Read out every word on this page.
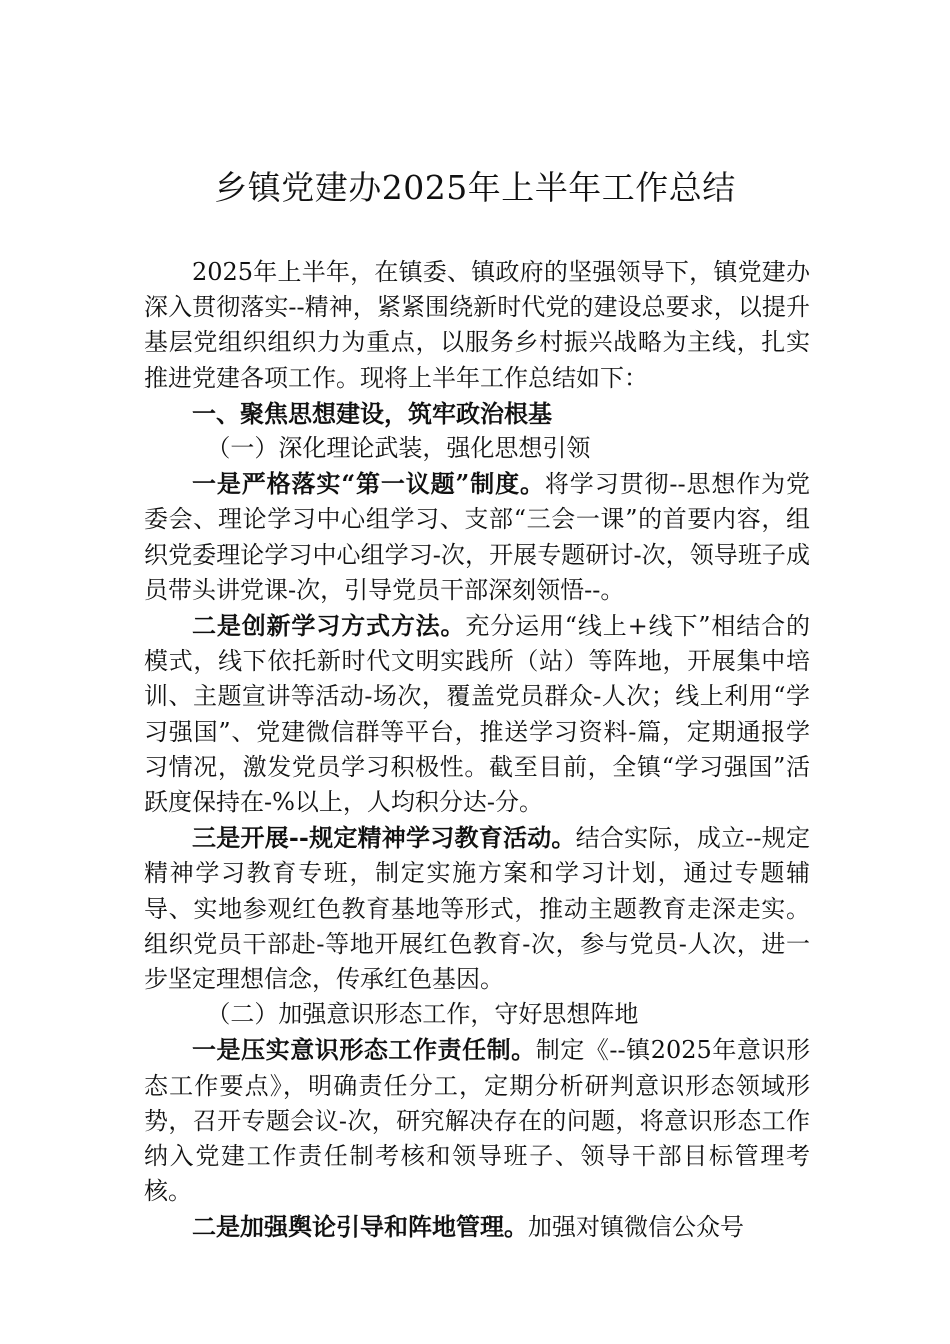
乡镇党建办2025年上半年工作总结

2025年上半年，在镇委、镇政府的坚强领导下，镇党建办深入贯彻落实--精神，紧紧围绕新时代党的建设总要求，以提升基层党组织组织力为重点，以服务乡村振兴战略为主线，扎实推进党建各项工作。现将上半年工作总结如下：

一、聚焦思想建设，筑牢政治根基

（一）深化理论武装，强化思想引领

一是严格落实“第一议题”制度。将学习贯彻--思想作为党委会、理论学习中心组学习、支部“三会一课”的首要内容，组织党委理论学习中心组学习-次，开展专题研讨-次，领导班子成员带头讲党课-次，引导党员干部深刻领悟--。

二是创新学习方式方法。充分运用“线上+线下”相结合的模式，线下依托新时代文明实践所（站）等阵地，开展集中培训、主题宣讲等活动-场次，覆盖党员群众-人次；线上利用“学习强国”、党建微信群等平台，推送学习资料-篇，定期通报学习情况，激发党员学习积极性。截至目前，全镇“学习强国”活跃度保持在-%以上，人均积分达-分。

三是开展--规定精神学习教育活动。结合实际，成立--规定精神学习教育专班，制定实施方案和学习计划，通过专题辅导、实地参观红色教育基地等形式，推动主题教育走深走实。组织党员干部赴-等地开展红色教育-次，参与党员-人次，进一步坚定理想信念，传承红色基因。

（二）加强意识形态工作，守好思想阵地

一是压实意识形态工作责任制。制定《--镇2025年意识形态工作要点》，明确责任分工，定期分析研判意识形态领域形势，召开专题会议-次，研究解决存在的问题，将意识形态工作纳入党建工作责任制考核和领导班子、领导干部目标管理考核。

二是加强舆论引导和阵地管理。加强对镇微信公众号
